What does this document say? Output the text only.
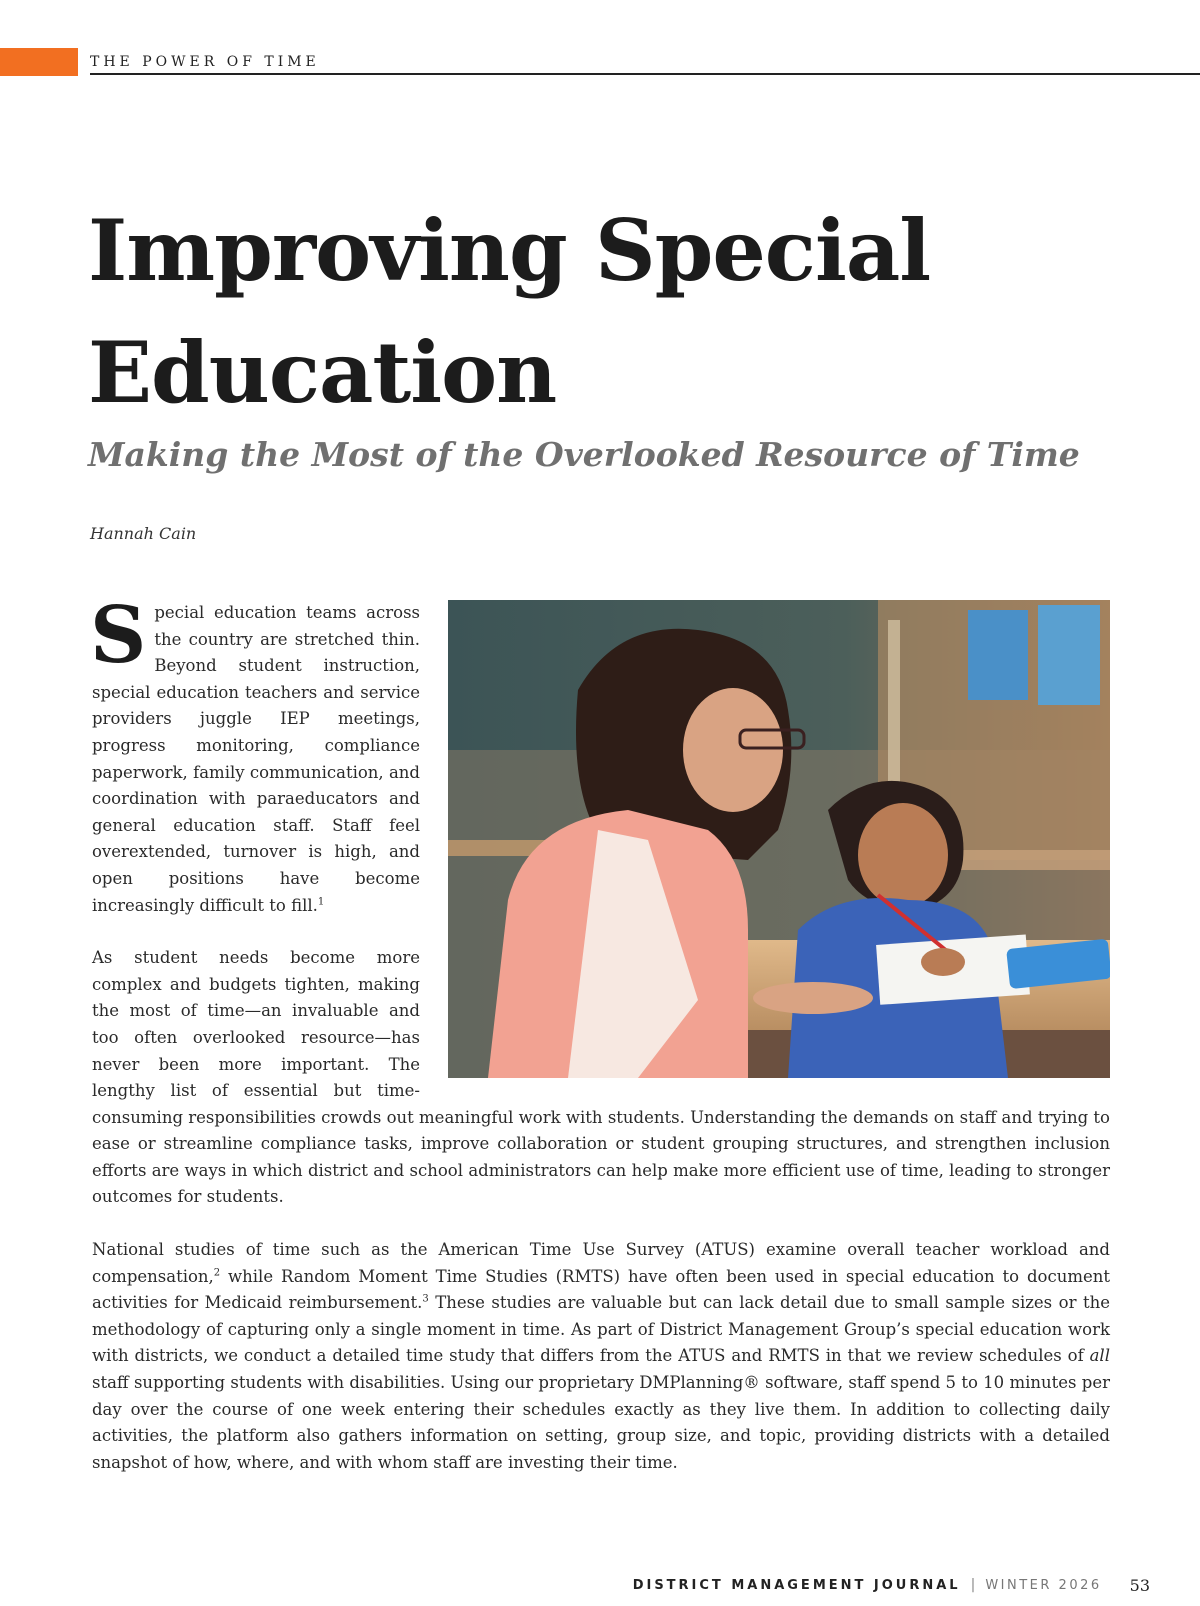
THE POWER OF TIME
Improving Special Education
Making the Most of the Overlooked Resource of Time

Hannah Cain

Special education teams across the country are stretched thin. Beyond student instruction, special education teachers and service providers juggle IEP meetings, progress monitoring, compliance paperwork, family communication, and coordination with paraeducators and general education staff. Staff feel overextended, turnover is high, and open positions have become increasingly difficult to fill.$^1$

As student needs become more complex and budgets tighten, making the most of time—an invaluable and too often overlooked resource—has never been more important. The lengthy list of essential but time-consuming responsibilities crowds out meaningful work with students. Understanding the demands on staff and trying to ease or streamline compliance tasks, improve collaboration or student grouping structures, and strengthen inclusion efforts are ways in which district and school administrators can help make more efficient use of time, leading to stronger outcomes for students.

National studies of time such as the American Time Use Survey (ATUS) examine overall teacher workload and compensation,$^2$ while Random Moment Time Studies (RMTS) have often been used in special education to document activities for Medicaid reimbursement.$^3$ These studies are valuable but can lack detail due to small sample sizes or the methodology of capturing only a single moment in time. As part of District Management Group’s special education work with districts, we conduct a detailed time study that differs from the ATUS and RMTS in that we review schedules of all staff supporting students with disabilities. Using our proprietary DMPlanning® software, staff spend 5 to 10 minutes per day over the course of one week entering their schedules exactly as they live them. In addition to collecting daily activities, the platform also gathers information on setting, group size, and topic, providing districts with a detailed snapshot of how, where, and with whom staff are investing their time.

DISTRICT MANAGEMENT JOURNAL | WINTER 2026 53
